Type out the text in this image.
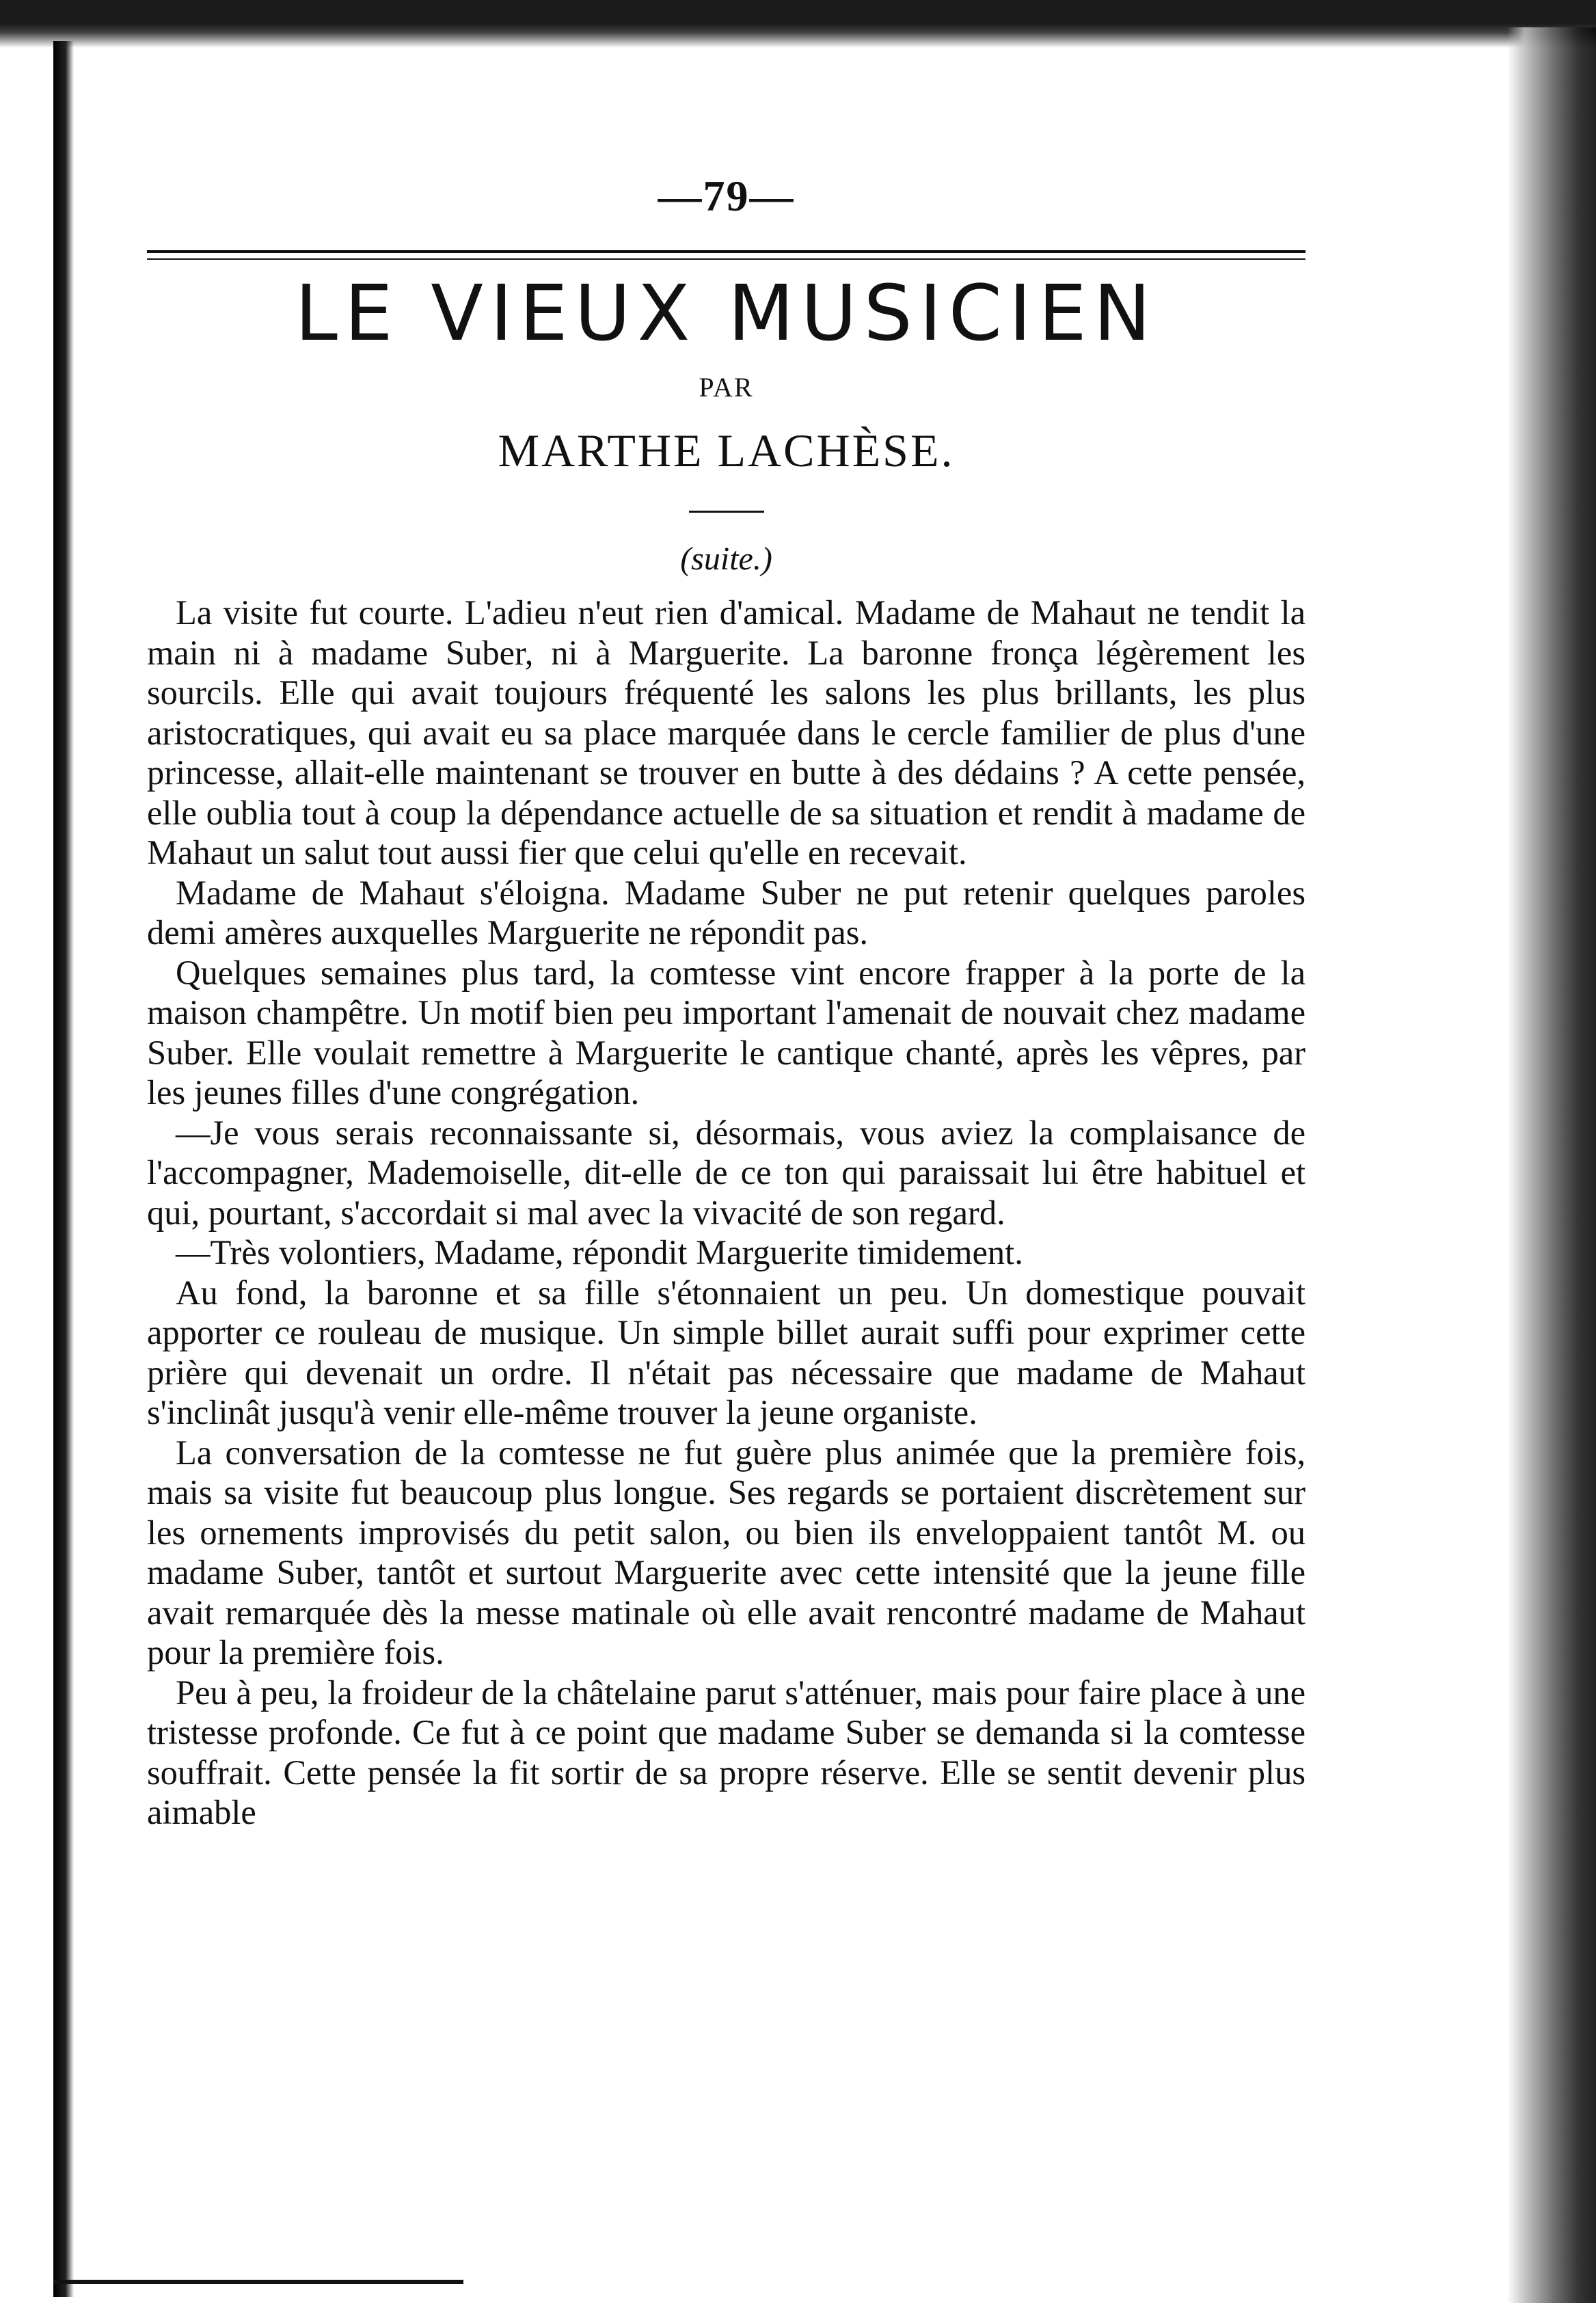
—79—
LE VIEUX MUSICIEN
PAR
MARTHE LACHÈSE.
(suite.)

La visite fut courte. L'adieu n'eut rien d'amical. Madame de Mahaut ne tendit la main ni à madame Suber, ni à Marguerite. La baronne fronça légèrement les sourcils. Elle qui avait toujours fréquenté les salons les plus brillants, les plus aristocratiques, qui avait eu sa place marquée dans le cercle familier de plus d'une princesse, allait-elle maintenant se trouver en butte à des dédains ? A cette pensée, elle oublia tout à coup la dépendance actuelle de sa situation et rendit à madame de Mahaut un salut tout aussi fier que celui qu'elle en recevait.

Madame de Mahaut s'éloigna. Madame Suber ne put retenir quelques paroles demi amères auxquelles Marguerite ne répondit pas.

Quelques semaines plus tard, la comtesse vint encore frapper à la porte de la maison champêtre. Un motif bien peu important l'amenait de nouvait chez madame Suber. Elle voulait remettre à Marguerite le cantique chanté, après les vêpres, par les jeunes filles d'une congrégation.

—Je vous serais reconnaissante si, désormais, vous aviez la complaisance de l'accompagner, Mademoiselle, dit-elle de ce ton qui paraissait lui être habituel et qui, pourtant, s'accordait si mal avec la vivacité de son regard.

—Très volontiers, Madame, répondit Marguerite timidement.

Au fond, la baronne et sa fille s'étonnaient un peu. Un domestique pouvait apporter ce rouleau de musique. Un simple billet aurait suffi pour exprimer cette prière qui devenait un ordre. Il n'était pas nécessaire que madame de Mahaut s'inclinât jusqu'à venir elle-même trouver la jeune organiste.

La conversation de la comtesse ne fut guère plus animée que la première fois, mais sa visite fut beaucoup plus longue. Ses regards se portaient discrètement sur les ornements improvisés du petit salon, ou bien ils enveloppaient tantôt M. ou madame Suber, tantôt et surtout Marguerite avec cette intensité que la jeune fille avait remarquée dès la messe matinale où elle avait rencontré madame de Mahaut pour la première fois.

Peu à peu, la froideur de la châtelaine parut s'atténuer, mais pour faire place à une tristesse profonde. Ce fut à ce point que madame Suber se demanda si la comtesse souffrait. Cette pensée la fit sortir de sa propre réserve. Elle se sentit devenir plus aimable
